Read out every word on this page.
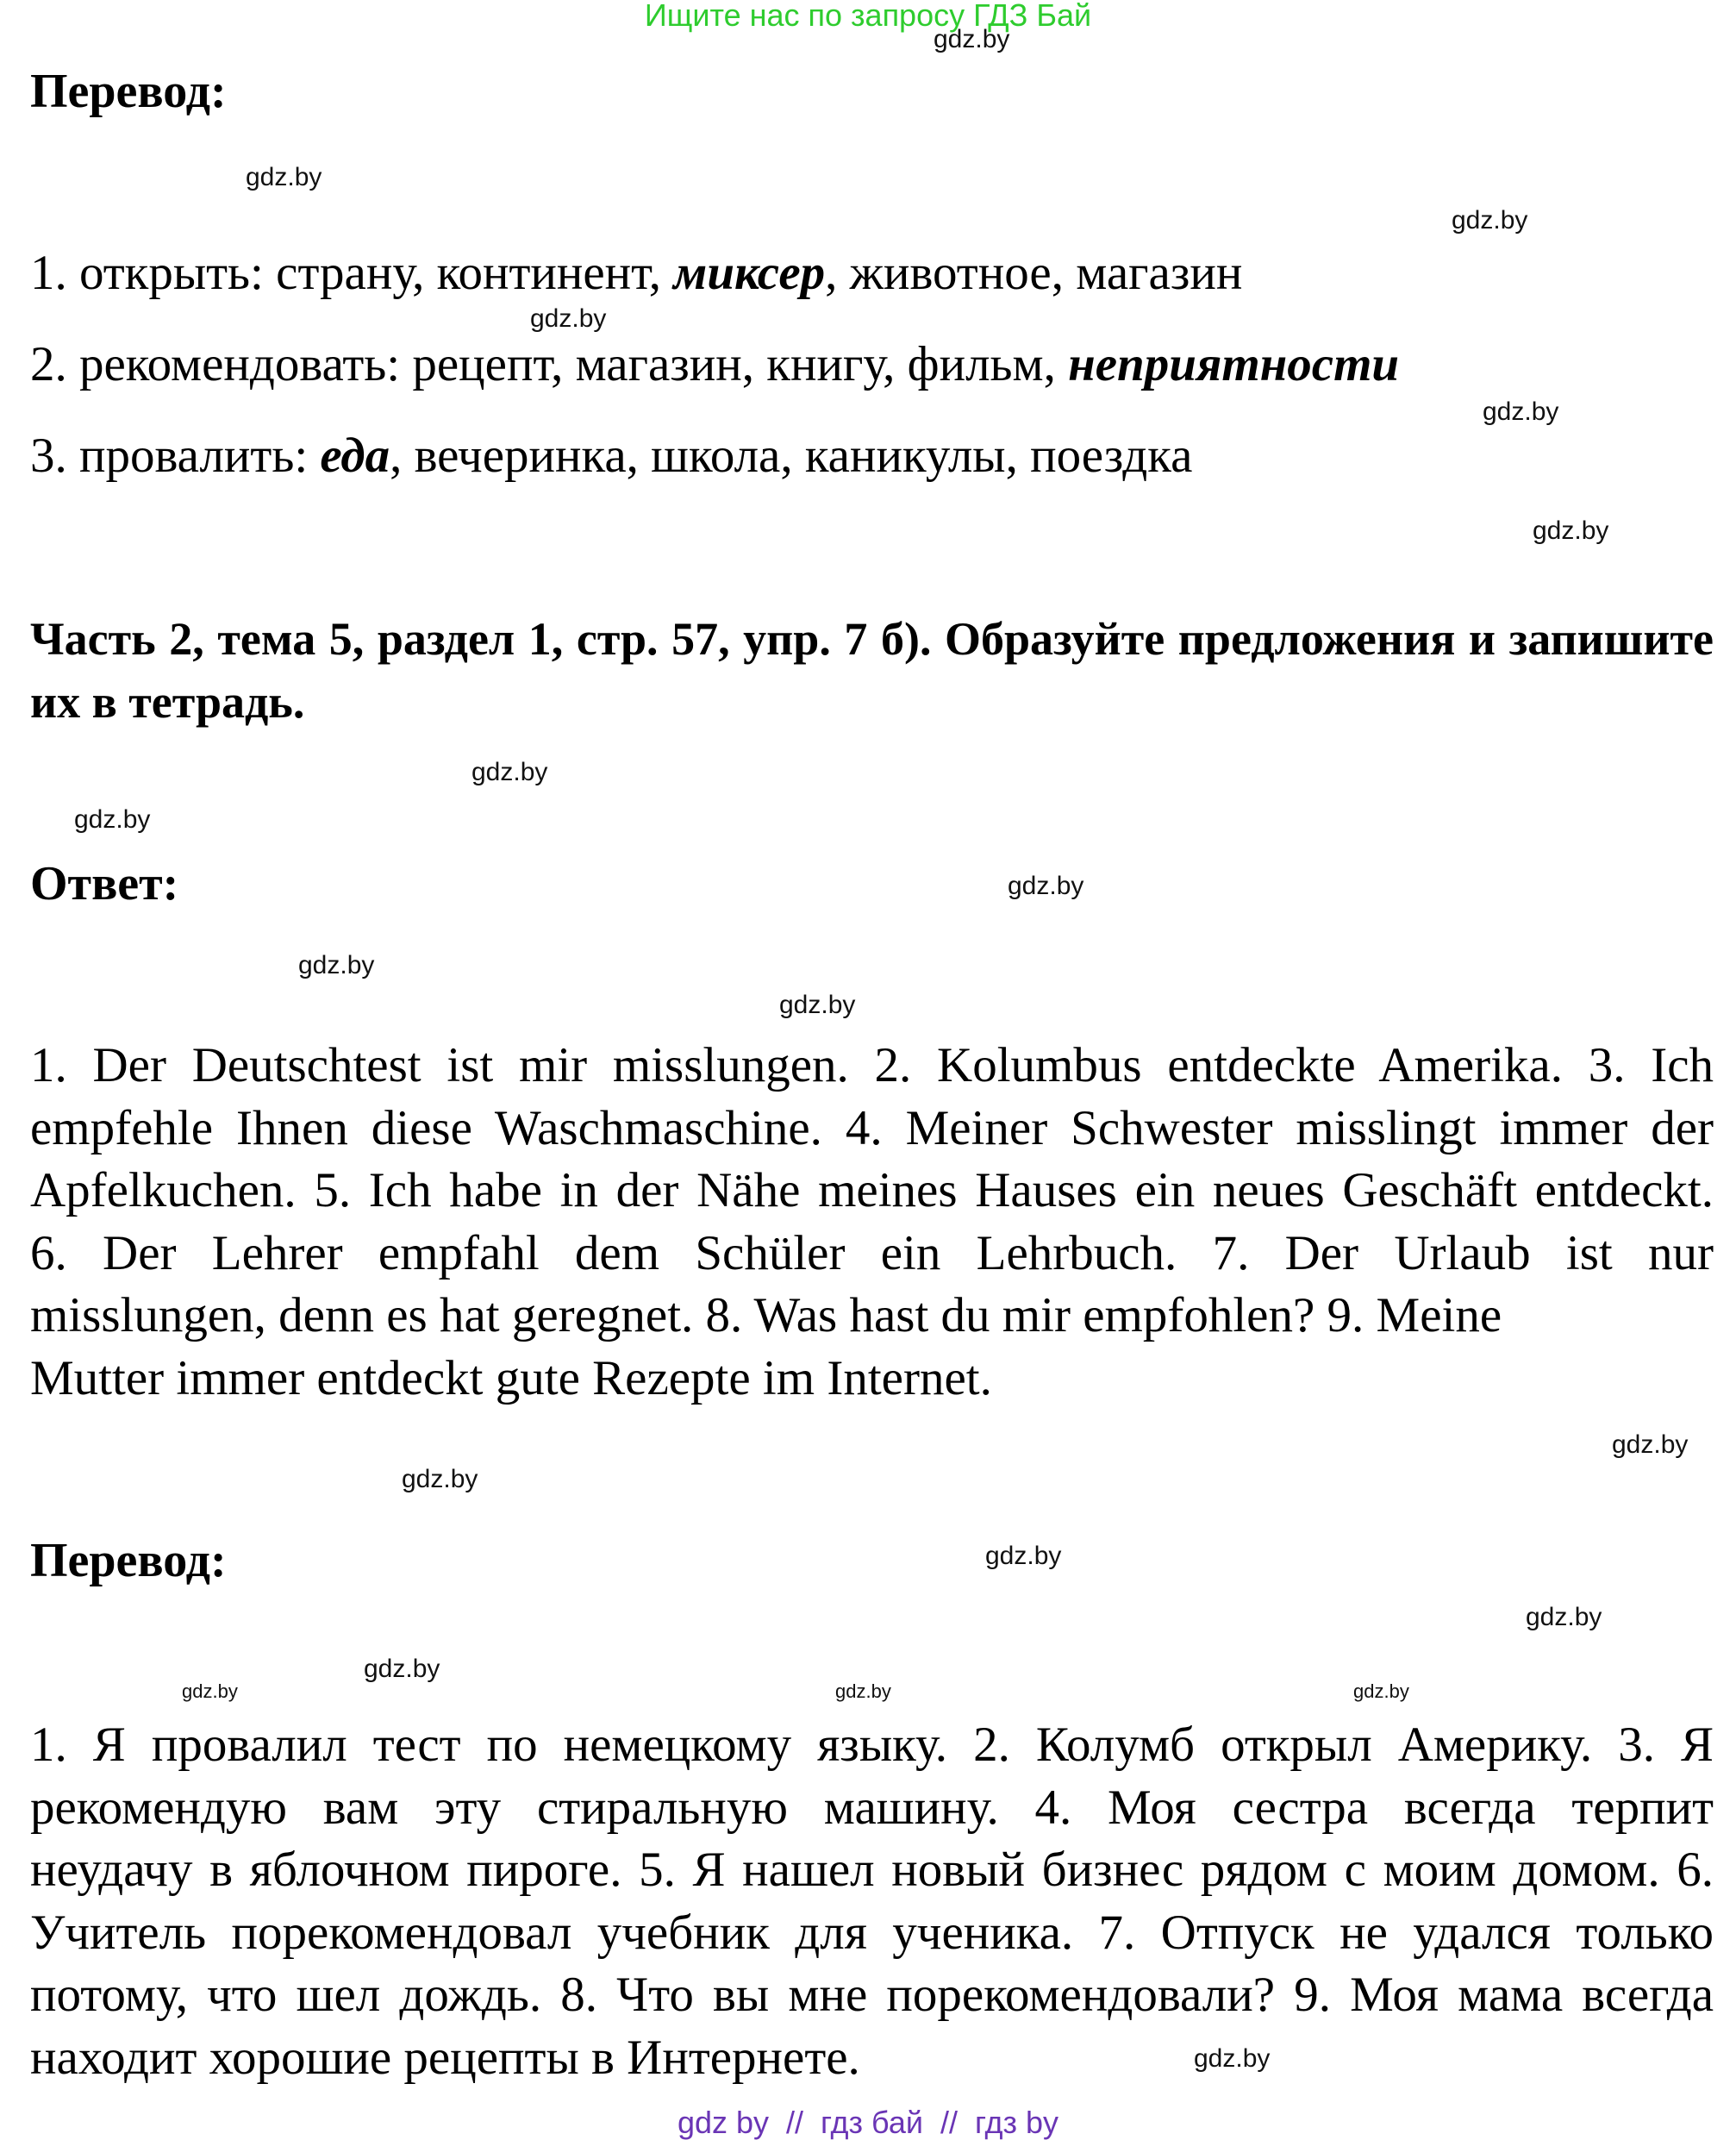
Ищите нас по запросу ГДЗ Бай
Перевод:
1. открыть: страну, континент, миксер, животное, магазин
2. рекомендовать: рецепт, магазин, книгу, фильм, неприятности
3. провалить: еда, вечеринка, школа, каникулы, поездка
Часть 2, тема 5, раздел 1, стр. 57, упр. 7 б). Образуйте предложения и запишите их в тетрадь.
Ответ:
1. Der Deutschtest ist mir misslungen. 2. Kolumbus entdeckte Amerika. 3. Ich
empfehle Ihnen diese Waschmaschine. 4. Meiner Schwester misslingt immer der
Apfelkuchen. 5. Ich habe in der Nähe meines Hauses ein neues Geschäft entdeckt.
6. Der Lehrer empfahl dem Schüler ein Lehrbuch. 7. Der Urlaub ist nur
misslungen, denn es hat geregnet. 8. Was hast du mir empfohlen? 9. Meine
Mutter immer entdeckt gute Rezepte im Internet.
Перевод:
1. Я провалил тест по немецкому языку. 2. Колумб открыл Америку. 3. Я
рекомендую вам эту стиральную машину. 4. Моя сестра всегда терпит
неудачу в яблочном пироге. 5. Я нашел новый бизнес рядом с моим домом. 6.
Учитель порекомендовал учебник для ученика. 7. Отпуск не удался только
потому, что шел дождь. 8. Что вы мне порекомендовали? 9. Моя мама всегда
находит хорошие рецепты в Интернете.
gdz.by
gdz.by
gdz.by
gdz.by
gdz.by
gdz.by
gdz.by
gdz.by
gdz.by
gdz.by
gdz.by
gdz.by
gdz.by
gdz.by
gdz.by
gdz.by
gdz.by
gdz.by
gdz.by
gdz.by
gdz by  //  гдз бай  //  гдз by
